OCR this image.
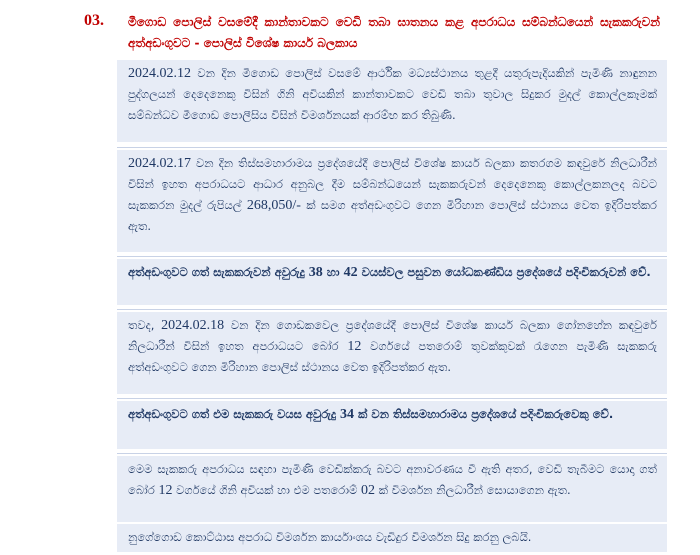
03. මීගොඩ පොලිස් වසමේදී කාන්තාවකට වෙඩි තබා ඝාතනය කළ අපරාධය සම්බන්ධයෙන් සැකකරුවන් අත්අඩංගුවට - පොලිස් විශේෂ කාර්ය බලකාය
2024.02.12 වන දින මීගොඩ පොලිස් වසමේ ආර්ථික මධ්‍යස්ථානය තුළදී යතුරුපැදියකින් පැමිණි නාඳුනන පුද්ගලයන් දෙදෙනෙකු විසින් ගිනි අවියකින් කාන්තාවකට වෙඩි තබා තුවාල සිදුකර මුදල් කොල්ලකෑමක් සම්බන්ධව මීගොඩ පොලීසිය විසින් විමර්ශනයක් ආරම්භ කර තිබුණි.
2024.02.17 වන දින තිස්සමහාරාමය ප්‍රදේශයේදී පොලිස් විශේෂ කාර්ය බලකා කතරගම කඳවුරේ නිලධාරීන් විසින් ඉහත අපරාධයට ආධාර අනුබල දීම සම්බන්ධයෙන් සැකකරුවන් දෙදෙනෙකු කොල්ලකනලද බවට සැකකරන මුදල් රුපියල් 268,050/- ක් සමග අත්අඩංගුවට ගෙන මිරිහාන පොලිස් ස්ථානය වෙත ඉදිරිපත්කර ඇත.
අත්අඩංගුවට ගත් සැකකරුවන් අවුරුදු 38 හා 42 වයස්වල පසුවන යෝධකණ්ඩිය ප්‍රදේශයේ පදිංචිකරුවන් වේ.
තවද, 2024.02.18 වන දින ගොඩකවෙල ප්‍රදේශයේදී පොලිස් විශේෂ කාර්ය බලකා ගෝනහේන කඳවුරේ නිලධාරීන් විසින් ඉහත අපරාධයට බෝර 12 වර්ගයේ පතරොම් තුවක්කුවක් රැගෙන පැමිණි සැකකරු අත්අඩංගුවට ගෙන මිරිහාන පොලිස් ස්ථානය වෙත ඉදිරිපත්කර ඇත.
අත්අඩංගුවට ගත් එම සැකකරු වයස අවුරුදු 34 ක් වන තිස්සමහාරාමය ප්‍රදේශයේ පදිංචිකරුවෙකු වේ.
මෙම සැකකරු අපරාධය සඳහා පැමිණි වෙඩික්කරු බවට අනාවරණය වී ඇති අතර, වෙඩි තැබීමට යොදා ගත් බෝර 12 වර්ගයේ ගිනි අවියක් හා එම පතරොම් 02 ක් විමර්ශන නිලධාරීන් සොයාගෙන ඇත.
නුගේගොඩ කොට්ඨාස අපරාධ විමර්ශන කාර්යාංශය වැඩිදුර විමර්ශන සිදු කරනු ලබයි.
